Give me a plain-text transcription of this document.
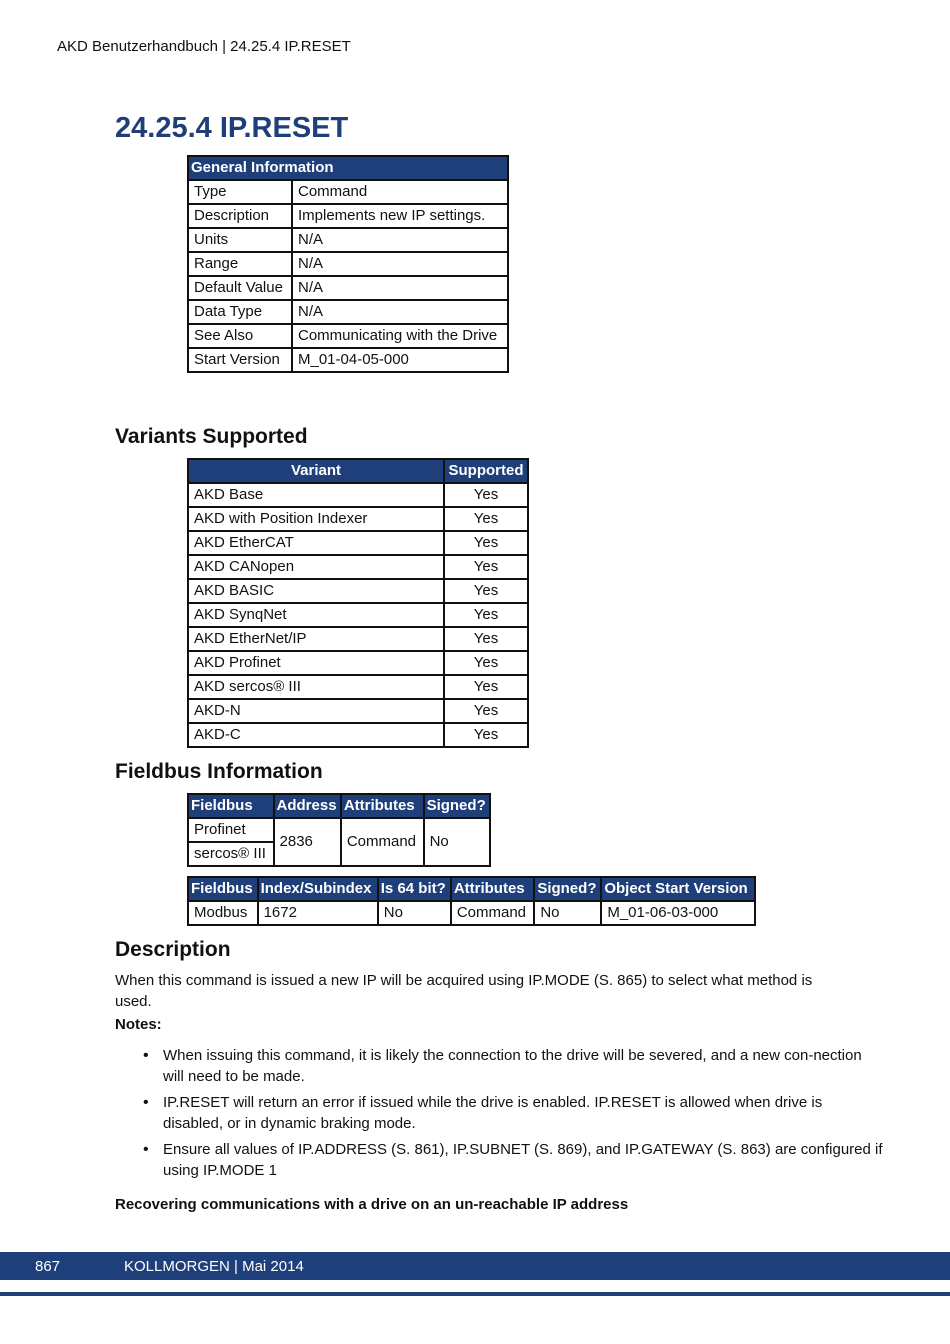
AKD Benutzerhandbuch | 24.25.4 IP.RESET
24.25.4 IP.RESET
General Information	
Type	Command
Description	Implements new IP settings.
Units	N/A
Range	N/A
Default Value	N/A
Data Type	N/A
See Also	Communicating with the Drive
Start Version	M_01-04-05-000
Variants Supported
Variant	Supported
AKD Base	Yes
AKD with Position Indexer	Yes
AKD EtherCAT	Yes
AKD CANopen	Yes
AKD BASIC	Yes
AKD SynqNet	Yes
AKD EtherNet/IP	Yes
AKD Profinet	Yes
AKD sercos® III	Yes
AKD-N	Yes
AKD-C	Yes
Fieldbus Information
Fieldbus	Address	Attributes	Signed?
Profinet	2836	Command	No
sercos® III			
Fieldbus	Index/Subindex	Is 64 bit?	Attributes	Signed?	Object Start Version
Modbus	1672	No	Command	No	M_01-06-03-000
Description
When this command is issued a new IP will be acquired using IP.MODE (S. 865) to select what method is used.
Notes:
• When issuing this command, it is likely the connection to the drive will be severed, and a new con-nection will need to be made.
• IP.RESET will return an error if issued while the drive is enabled. IP.RESET is allowed when drive is disabled, or in dynamic braking mode.
• Ensure all values of IP.ADDRESS (S. 861), IP.SUBNET (S. 869), and IP.GATEWAY (S. 863) are configured if using IP.MODE 1
Recovering communications with a drive on an un-reachable IP address
867	KOLLMORGEN | Mai 2014
